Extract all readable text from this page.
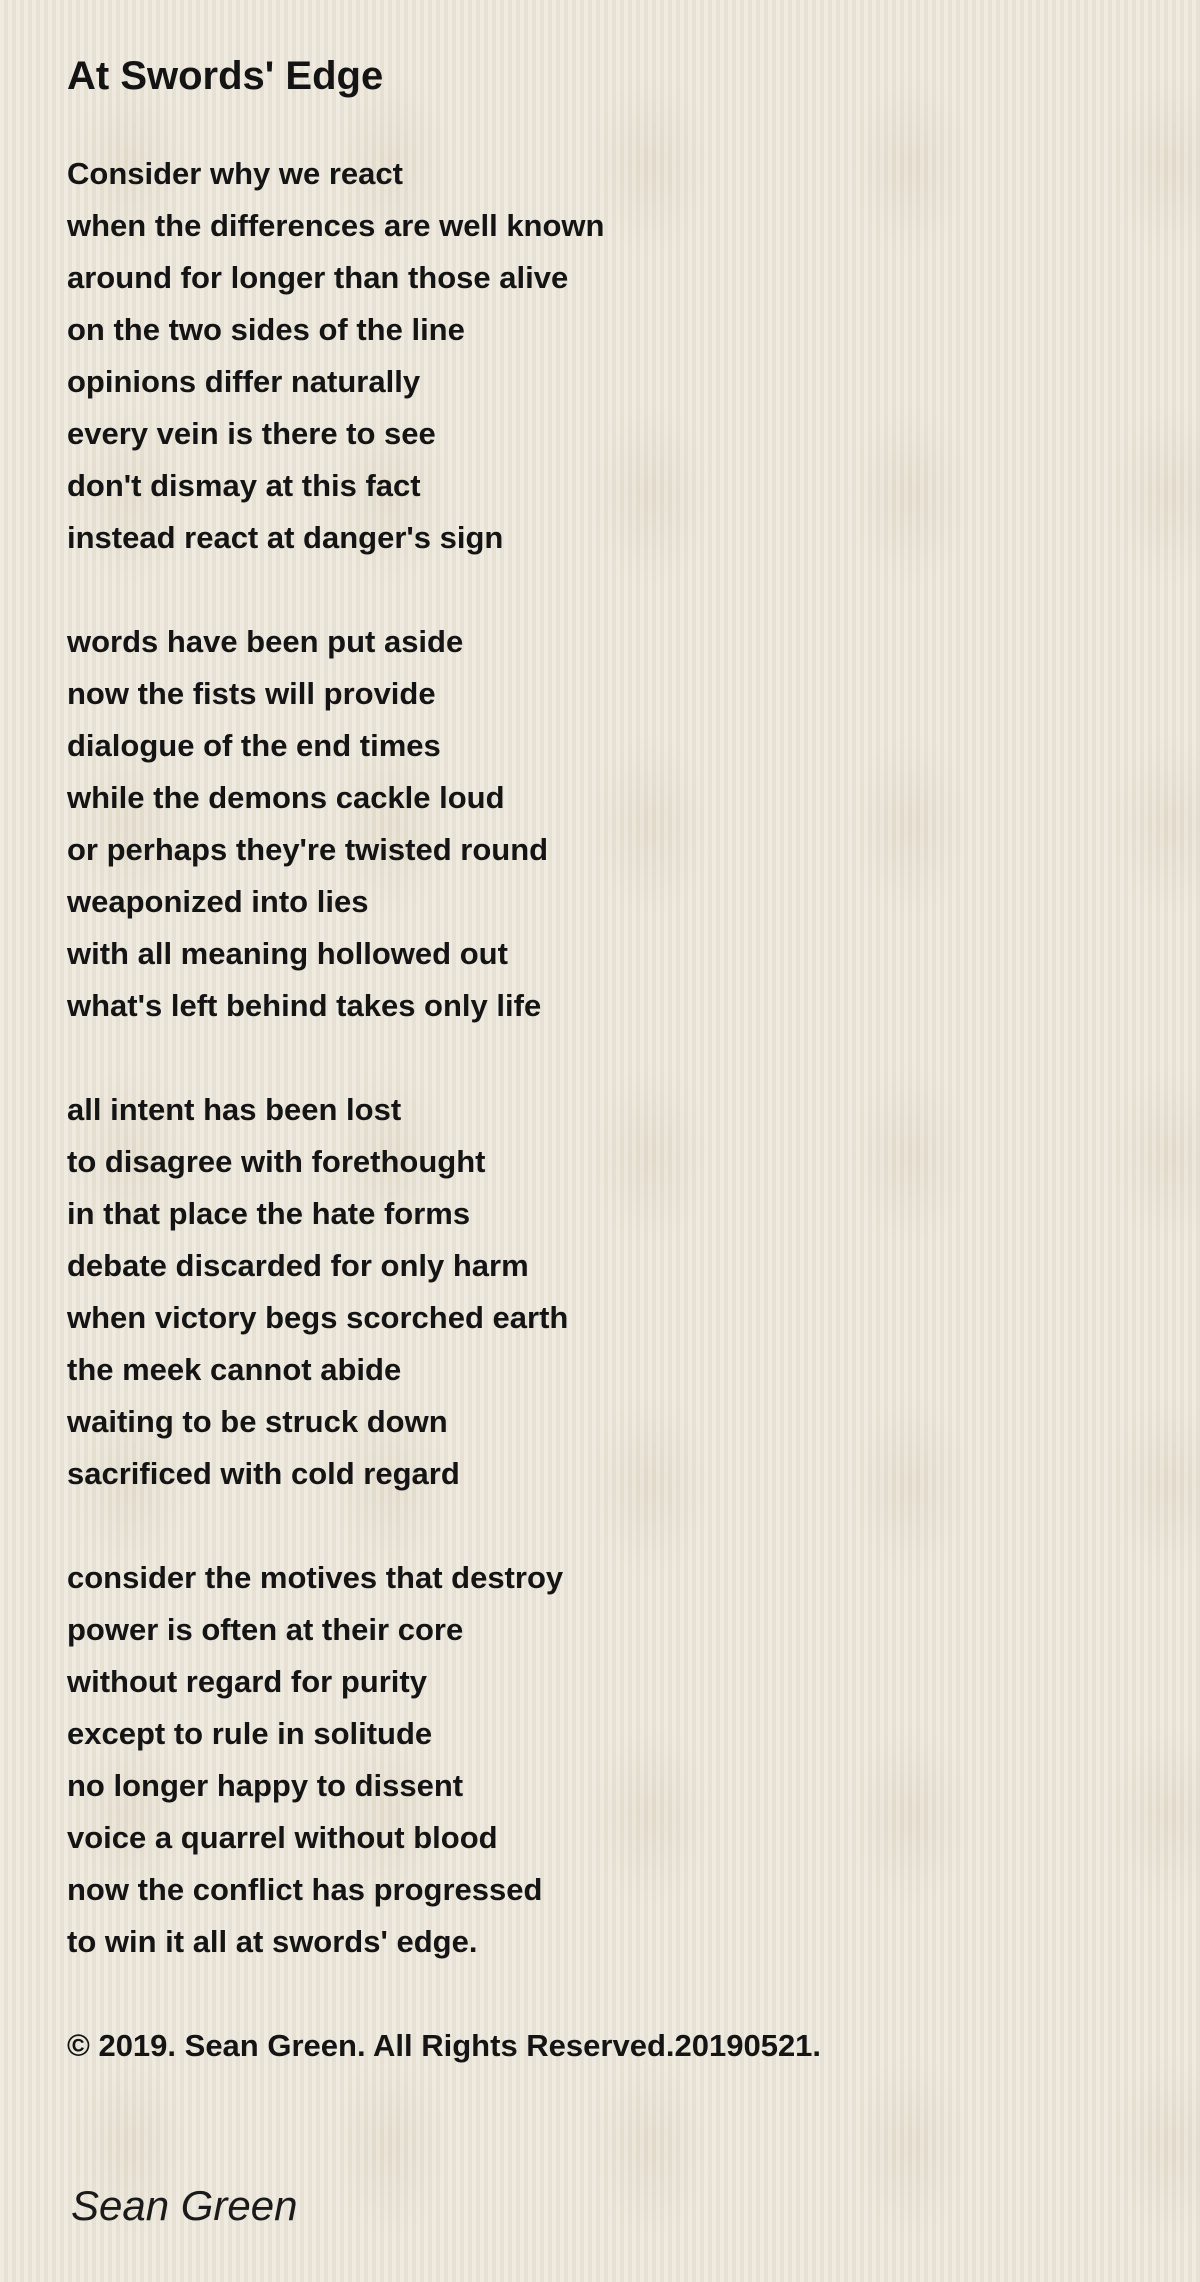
At Swords' Edge
Consider why we react
when the differences are well known
around for longer than those alive
on the two sides of the line
opinions differ naturally
every vein is there to see
don't dismay at this fact
instead react at danger's sign
words have been put aside
now the fists will provide
dialogue of the end times
while the demons cackle loud
or perhaps they're twisted round
weaponized into lies
with all meaning hollowed out
what's left behind takes only life
all intent has been lost
to disagree with forethought
in that place the hate forms
debate discarded for only harm
when victory begs scorched earth
the meek cannot abide
waiting to be struck down
sacrificed with cold regard
consider the motives that destroy
power is often at their core
without regard for purity
except to rule in solitude
no longer happy to dissent
voice a quarrel without blood
now the conflict has progressed
to win it all at swords' edge.
© 2019. Sean Green. All Rights Reserved.20190521.
Sean Green
